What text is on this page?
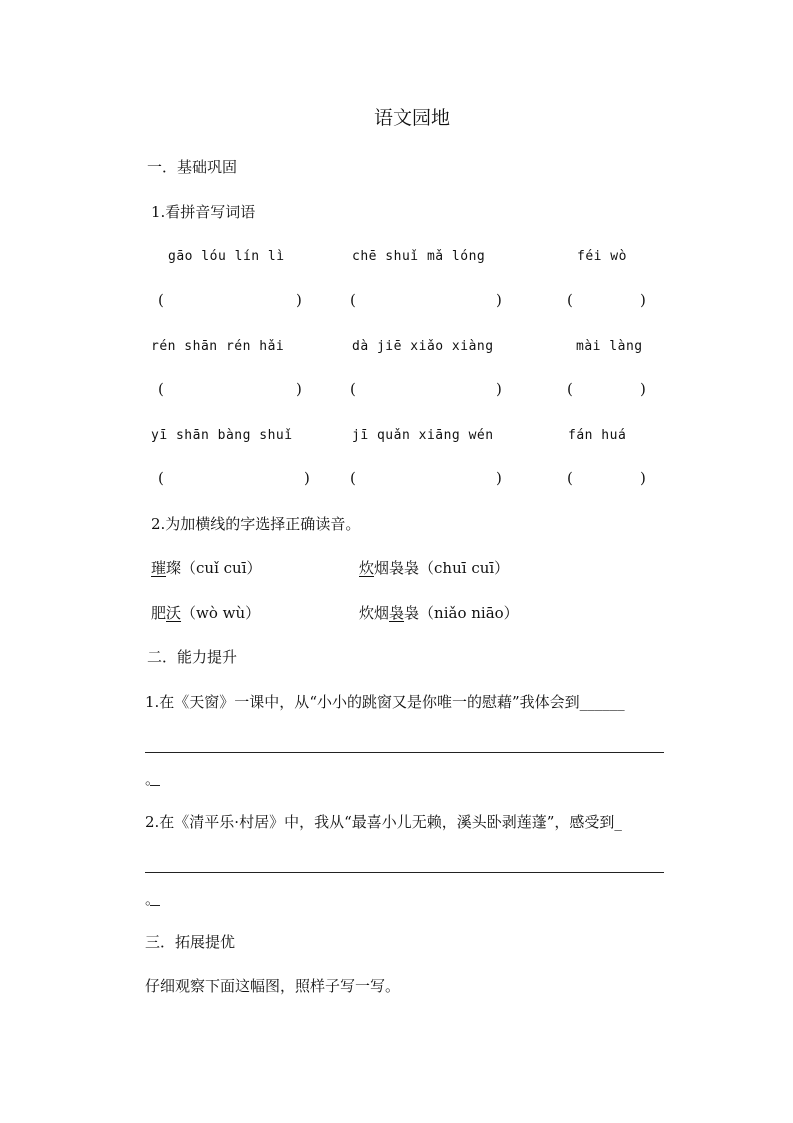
语文园地
一．基础巩固
1.看拼音写词语
gāo lóu lín lì	chē shuǐ mǎ lóng	féi wò
(	)	(	)	(	)
rén shān rén hǎi	dà jiē xiǎo xiàng	mài làng
(	)	(	)	(	)
yī shān bàng shuǐ	jī quǎn xiāng wén	fán huá
(	)	(	)	(	)
2.为加横线的字选择正确读音。
璀璨（cuǐ cuī）	炊烟袅袅（chuī cuī）
肥沃（wò wù）	炊烟袅袅（niǎo niāo）
二．能力提升
1.在《天窗》一课中，从“小小的跳窗又是你唯一的慰藉”我体会到______
。
2.在《清平乐·村居》中，我从“最喜小儿无赖，溪头卧剥莲蓬”，感受到_
。
三．拓展提优
仔细观察下面这幅图，照样子写一写。
